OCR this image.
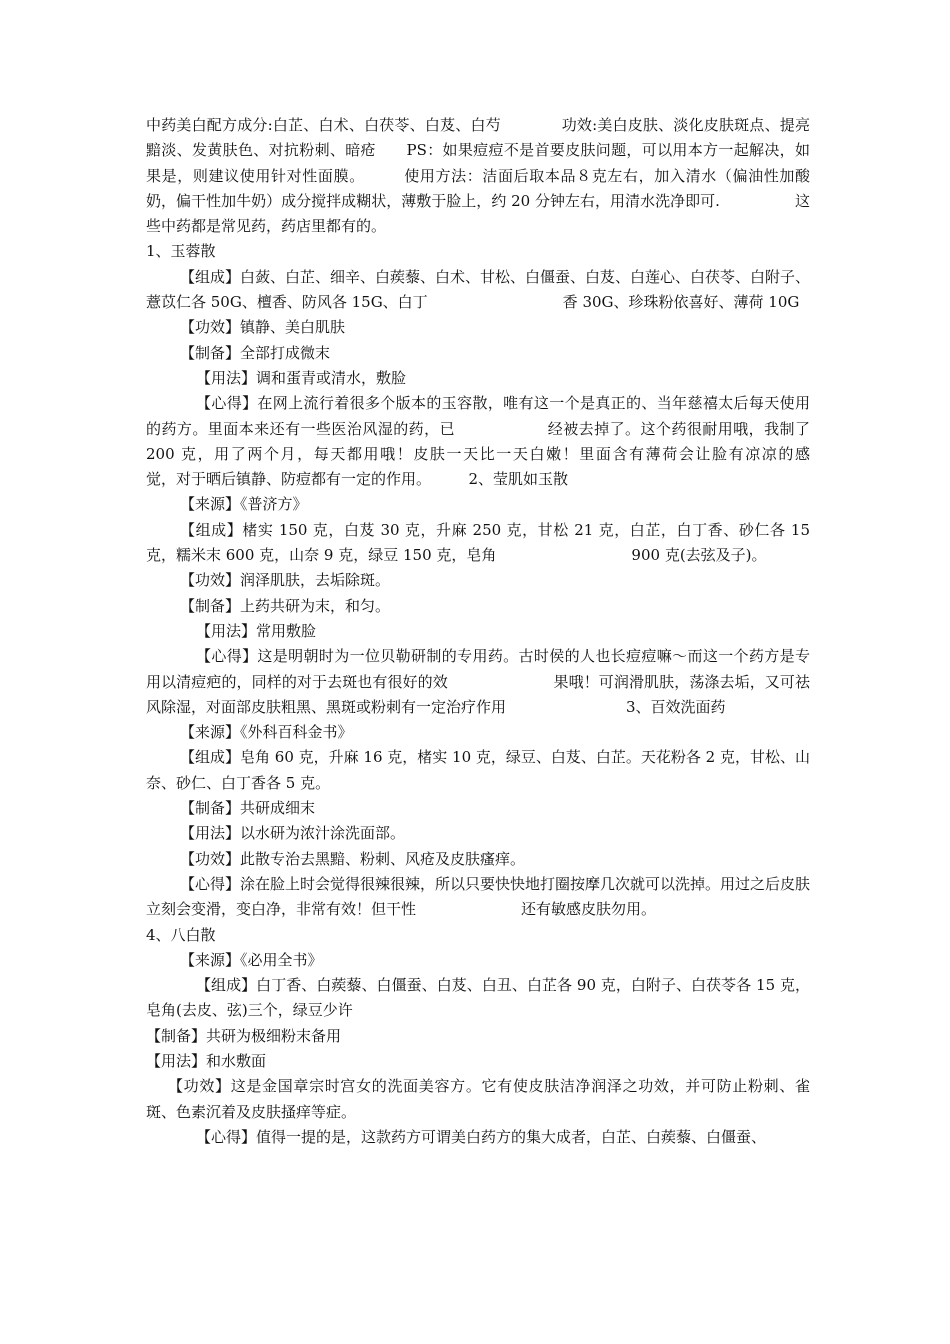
中药美白配方成分:白芷、白术、白茯苓、白芨、白芍　　　　功效:美白皮肤、淡化皮肤斑点、提亮黯淡、发黄肤色、对抗粉刺、暗疮　　PS：如果痘痘不是首要皮肤问题，可以用本方一起解决，如果是，则建议使用针对性面膜。　　　使用方法：洁面后取本品８克左右，加入清水（偏油性加酸奶，偏干性加牛奶）成分搅拌成糊状，薄敷于脸上，约 20 分钟左右，用清水洗净即可.　　　　　这些中药都是常见药，药店里都有的。

1、玉蓉散

【组成】白蔹、白芷、细辛、白蒺藜、白术、甘松、白僵蚕、白芨、白莲心、白茯苓、白附子、薏苡仁各 50G、檀香、防风各 15G、白丁　　　　　　　　　香 30G、珍珠粉依喜好、薄荷 10G

【功效】镇静、美白肌肤

【制备】全部打成微末

【用法】调和蛋青或清水，敷脸

【心得】在网上流行着很多个版本的玉容散，唯有这一个是真正的、当年慈禧太后每天使用的药方。里面本来还有一些医治风湿的药，已　　　　　　经被去掉了。这个药很耐用哦，我制了 200 克，用了两个月，每天都用哦！皮肤一天比一天白嫩！里面含有薄荷会让脸有凉凉的感　　　　　　　觉，对于晒后镇静、防痘都有一定的作用。　　　2、莹肌如玉散

【来源】《普济方》

【组成】楮实 150 克，白芨 30 克，升麻 250 克，甘松 21 克，白芷，白丁香、砂仁各 15 克，糯米末 600 克，山奈 9 克，绿豆 150 克，皂角　　　　　　　　　900 克(去弦及子)。

【功效】润泽肌肤，去垢除斑。

【制备】上药共研为末，和匀。

【用法】常用敷脸

【心得】这是明朝时为一位贝勒研制的专用药。古时侯的人也长痘痘嘛～而这一个药方是专用以清痘疤的，同样的对于去斑也有很好的效　　　　　　　果哦！可润滑肌肤，荡涤去垢，又可祛风除湿，对面部皮肤粗黑、黑斑或粉刺有一定治疗作用　　　　　　　　3、百效洗面药

【来源】《外科百科金书》

【组成】皂角 60 克，升麻 16 克，楮实 10 克，绿豆、白芨、白芷。天花粉各 2 克，甘松、山奈、砂仁、白丁香各 5 克。

【制备】共研成细末

【用法】以水研为浓汁涂洗面部。

【功效】此散专治去黑黯、粉刺、风疮及皮肤瘙痒。

【心得】涂在脸上时会觉得很辣很辣，所以只要快快地打圈按摩几次就可以洗掉。用过之后皮肤立刻会变滑，变白净，非常有效！但干性　　　　　　　还有敏感皮肤勿用。

4、八白散

【来源】《必用全书》

【组成】白丁香、白蒺藜、白僵蚕、白芨、白丑、白芷各 90 克，白附子、白茯苓各 15 克，皂角(去皮、弦)三个，绿豆少许

【制备】共研为极细粉末备用

【用法】和水敷面

【功效】这是金国章宗时宫女的洗面美容方。它有使皮肤洁净润泽之功效，并可防止粉刺、雀斑、色素沉着及皮肤搔痒等症。

【心得】值得一提的是，这款药方可谓美白药方的集大成者，白芷、白蒺藜、白僵蚕、
